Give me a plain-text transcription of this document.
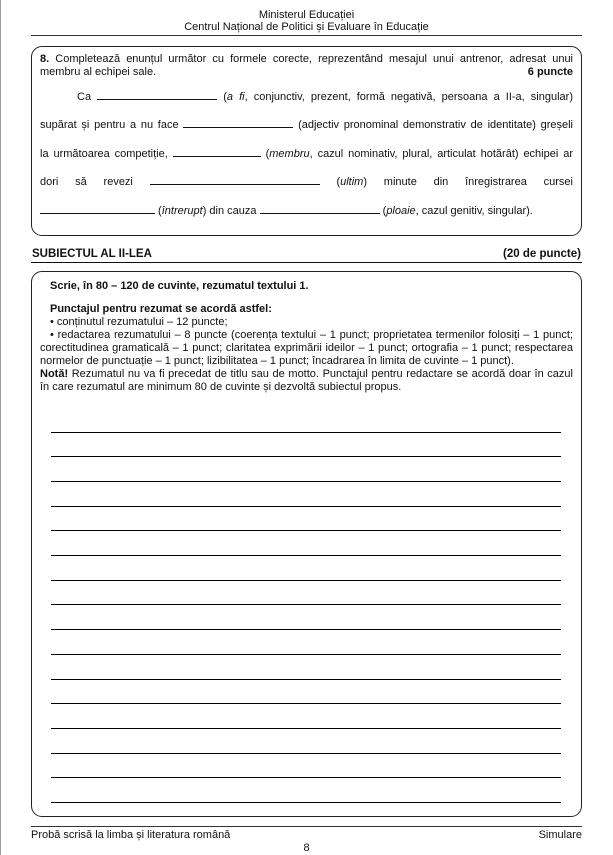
Ministerul Educației
Centrul Național de Politici și Evaluare în Educație
8. Completează enunțul următor cu formele corecte, reprezentând mesajul unui antrenor, adresat unui
membru al echipei sale.	6 puncte
Ca	(a fi, conjunctiv, prezent, formă negativă, persoana a II-a, singular)
supărat și pentru a nu face	(adjectiv pronominal demonstrativ de identitate) greșeli
la următoarea competiție,	(membru, cazul nominativ, plural, articulat hotărât) echipei ar
dori să revezi	(ultim) minute din înregistrarea cursei
(întrerupt) din cauza	(ploaie, cazul genitiv, singular).
SUBIECTUL AL II-LEA	(20 de puncte)
Scrie, în 80 – 120 de cuvinte, rezumatul textului 1.
Punctajul pentru rezumat se acordă astfel:
• conținutul rezumatului – 12 puncte;
• redactarea rezumatului – 8 puncte (coerența textului – 1 punct; proprietatea termenilor folosiți – 1 punct; corectitudinea gramaticală – 1 punct; claritatea exprimării ideilor – 1 punct; ortografia – 1 punct; respectarea normelor de punctuație – 1 punct; lizibilitatea – 1 punct; încadrarea în limita de cuvinte – 1 punct).
Notă! Rezumatul nu va fi precedat de titlu sau de motto. Punctajul pentru redactare se acordă doar în cazul în care rezumatul are minimum 80 de cuvinte și dezvoltă subiectul propus.
Probă scrisă la limba și literatura română	Simulare
8
